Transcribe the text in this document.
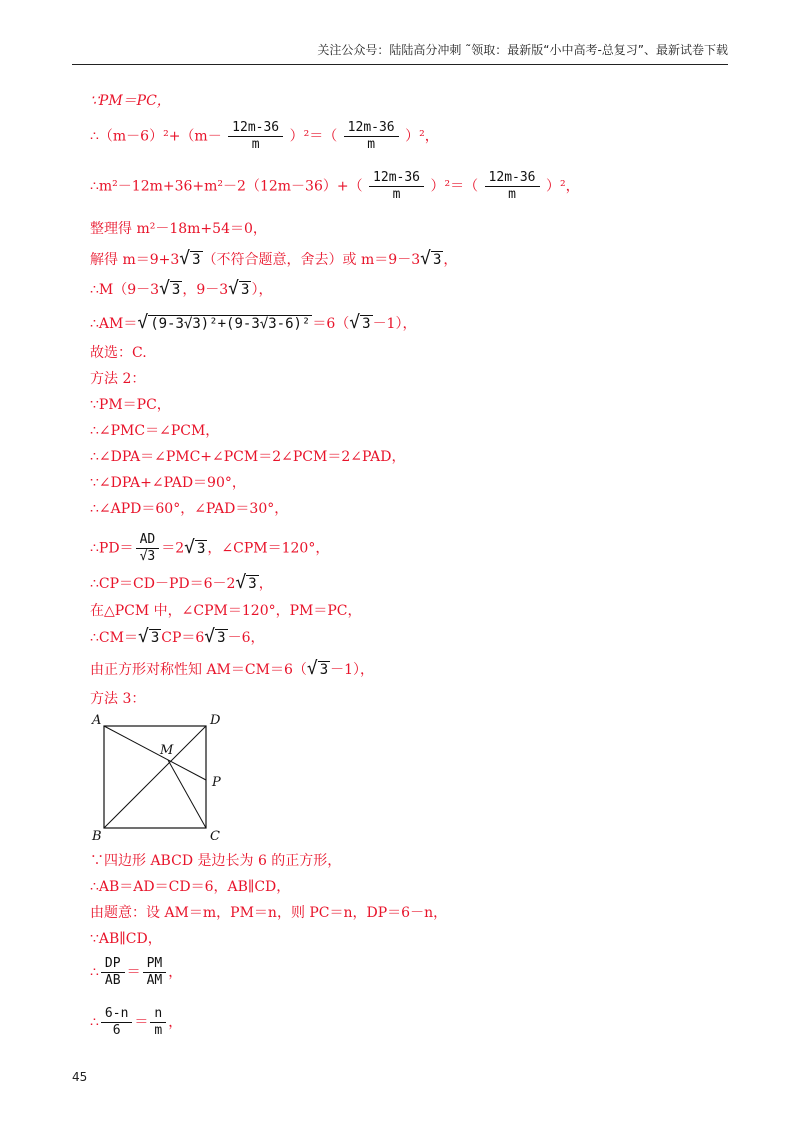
关注公众号：陆陆高分冲刺 ˜领取：最新版“小中高考-总复习”、最新试卷下载
∵PM＝PC，
∴（m－6）²+（m－ $\frac{12m-36}{m} )^2=( \frac{12m-36}{m} )^2$，
∴m²－12m+36+m²－2（12m－36）+（ $\frac{12m-36}{m} )^2=( \frac{12m-36}{m} )^2$，
整理得 m²－18m+54＝0，
解得 m＝9+3√ 3 （不符合题意，舍去）或 m＝9－3√ 3 ，
∴M（9－3√ 3 ，9－3√ 3 ），
∴AM＝√ (9-3√3)²+(9-3√3-6)² ＝6（√ 3 －1），
故选：C.
方法 2：
∵PM＝PC，
∴∠PMC＝∠PCM，
∴∠DPA＝∠PMC+∠PCM＝2∠PCM＝2∠PAD，
∵∠DPA+∠PAD＝90°，
∴∠APD＝60°，∠PAD＝30°，
∴PD＝ $\frac{AD}{√3} =2√$ 3 ，∠CPM＝120°，
∴CP＝CD－PD＝6－2√ 3 ，
在△PCM 中，∠CPM＝120°，PM＝PC，
∴CM＝√ 3 CP＝6√ 3 －6，
由正方形对称性知 AM＝CM＝6（√ 3 －1），
方法 3：
∵四边形 ABCD 是边长为 6 的正方形，
∴AB＝AD＝CD＝6，AB∥CD，
由题意：设 AM＝m，PM＝n，则 PC＝n，DP＝6－n，
∵AB∥CD，
∴ $\frac{DP}{AB} = \frac{PM}{AM}$ ，
∴ $\frac{6-n}{6} = \frac{n}{m}$ ，
A	D
M
P
B	C
45
